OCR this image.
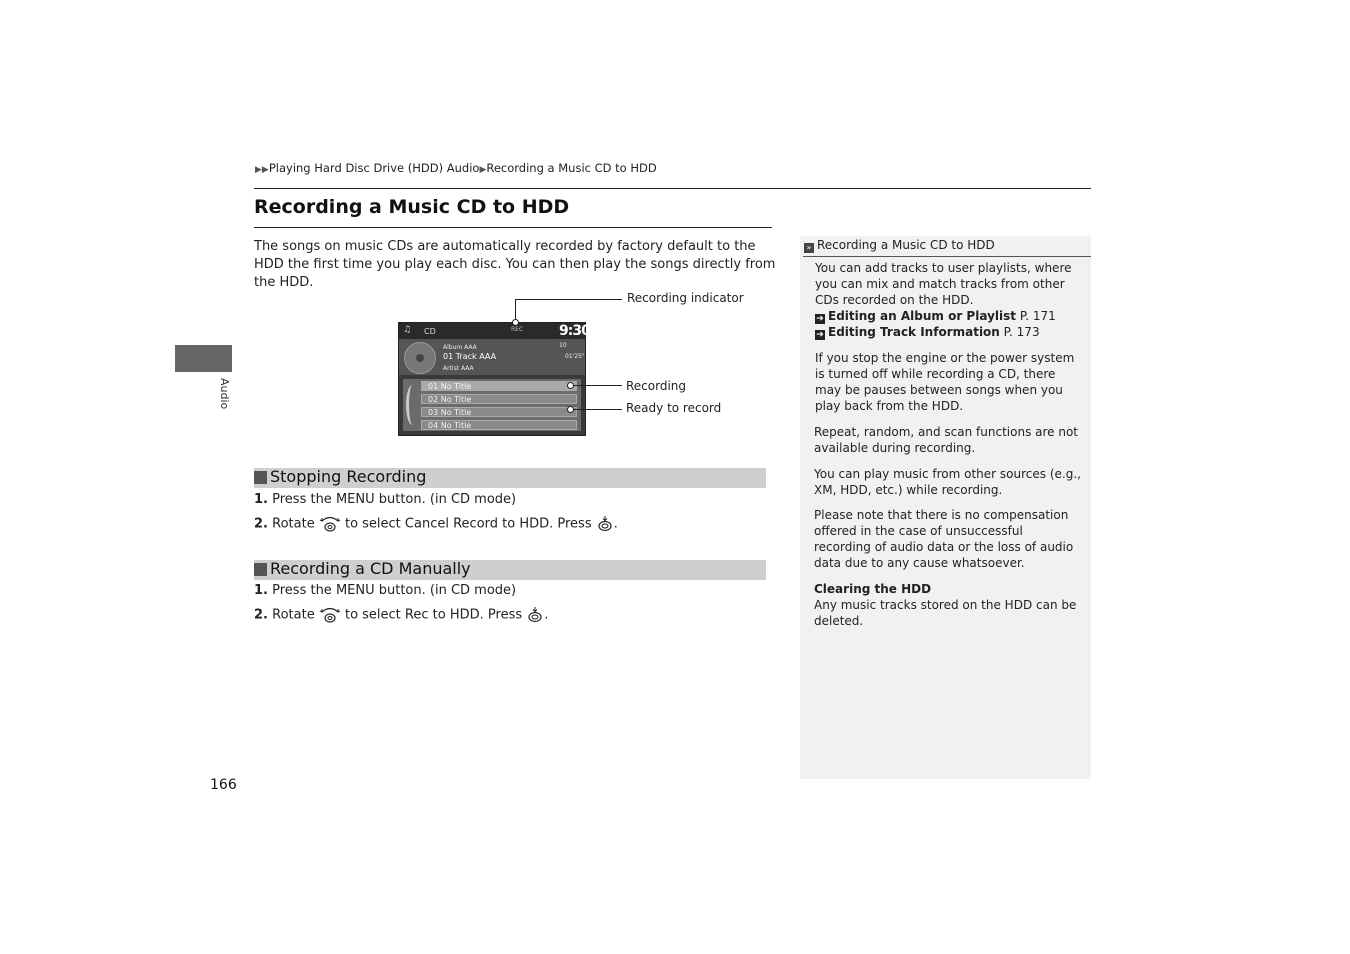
▶▶Playing Hard Disc Drive (HDD) Audio▶Recording a Music CD to HDD
Recording a Music CD to HDD
The songs on music CDs are automatically recorded by factory default to the HDD the first time you play each disc. You can then play the songs directly from the HDD.
Audio
♫ CD	REC	9:30
Album AAA
01 Track AAA
Artist AAA
10
01'25"
01 No Title
02 No Title
03 No Title
04 No Title
Recording indicator
Recording
Ready to record
Stopping Recording
1. Press the MENU button. (in CD mode)
2. Rotate to select Cancel Record to HDD. Press .
Recording a CD Manually
1. Press the MENU button. (in CD mode)
2. Rotate to select Rec to HDD. Press .
166
» Recording a Music CD to HDD
You can add tracks to user playlists, where you can mix and match tracks from other CDs recorded on the HDD.
➔ Editing an Album or Playlist P. 171
➔ Editing Track Information P. 173
If you stop the engine or the power system is turned off while recording a CD, there may be pauses between songs when you play back from the HDD.
Repeat, random, and scan functions are not available during recording.
You can play music from other sources (e.g., XM, HDD, etc.) while recording.
Please note that there is no compensation offered in the case of unsuccessful recording of audio data or the loss of audio data due to any cause whatsoever.
Clearing the HDD
Any music tracks stored on the HDD can be deleted.
